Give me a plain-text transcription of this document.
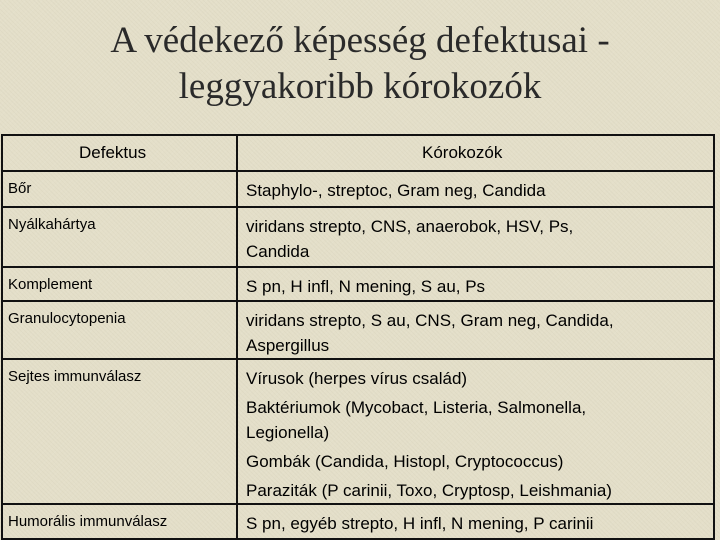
A védekező képesség defektusai -
leggyakoribb kórokozók
Defektus	Kórokozók
Bőr	Staphylo-, streptoc, Gram neg, Candida

Nyálkahártya	viridans strepto, CNS, anaerobok, HSV, Ps,
Candida

Komplement	S pn, H infl, N mening, S au, Ps

Granulocytopenia	viridans strepto, S au, CNS, Gram neg, Candida,
Aspergillus

Sejtes immunválasz	Vírusok (herpes vírus család)
Baktériumok (Mycobact, Listeria, Salmonella,
Legionella)
Gombák (Candida, Histopl, Cryptococcus)
Paraziták (P carinii, Toxo, Cryptosp, Leishmania)

Humorális immunválasz	S pn, egyéb strepto, H infl, N mening, P carinii
